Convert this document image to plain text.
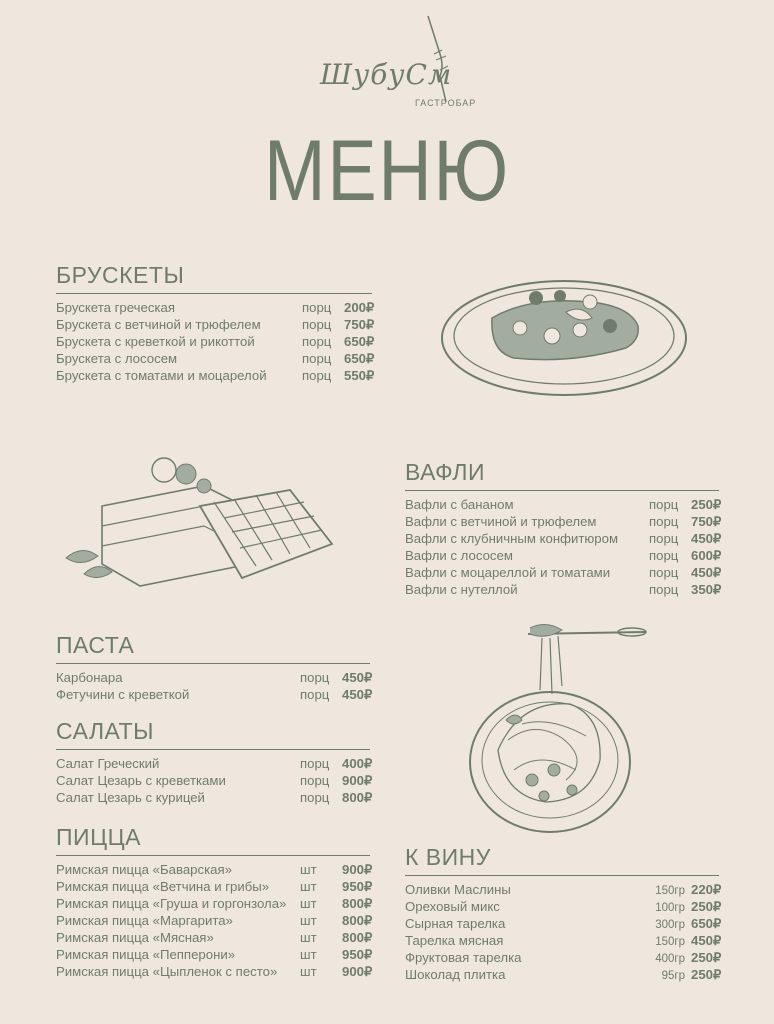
ШубуСм
ГАСТРОБАР
МЕНЮ
БРУСКЕТЫ
Брускета греческая	порц 200₽
Брускета с ветчиной и трюфелем	порц 750₽
Брускета с креветкой и рикоттой	порц 650₽
Брускета с лососем	порц 650₽
Брускета с томатами и моцарелой	порц 550₽
ВАФЛИ
Вафли с бананом	порц 250₽
Вафли с ветчиной и трюфелем	порц 750₽
Вафли с клубничным конфитюром	порц 450₽
Вафли с лососем	порц 600₽
Вафли с моцареллой и томатами	порц 450₽
Вафли с нутеллой	порц 350₽
ПАСТА
Карбонара	порц 450₽
Фетучини с креветкой	порц 450₽
САЛАТЫ
Салат Греческий	порц 400₽
Салат Цезарь с креветками	порц 900₽
Салат Цезарь с курицей	порц 800₽
ПИЦЦА
Римская пицца «Баварская»	шт	900₽
Римская пицца «Ветчина и грибы»	шт	950₽
Римская пицца «Груша и горгонзола»	шт	800₽
Римская пицца «Маргарита»	шт	800₽
Римская пицца «Мясная»	шт	800₽
Римская пицца «Пепперони»	шт	950₽
Римская пицца «Цыпленок с песто»	шт	900₽
К ВИНУ
Оливки Маслины	150гр 220₽
Ореховый микс	100гр 250₽
Сырная тарелка	300гр 650₽
Тарелка мясная	150гр 450₽
Фруктовая тарелка	400гр 250₽
Шоколад плитка	95гр 250₽
